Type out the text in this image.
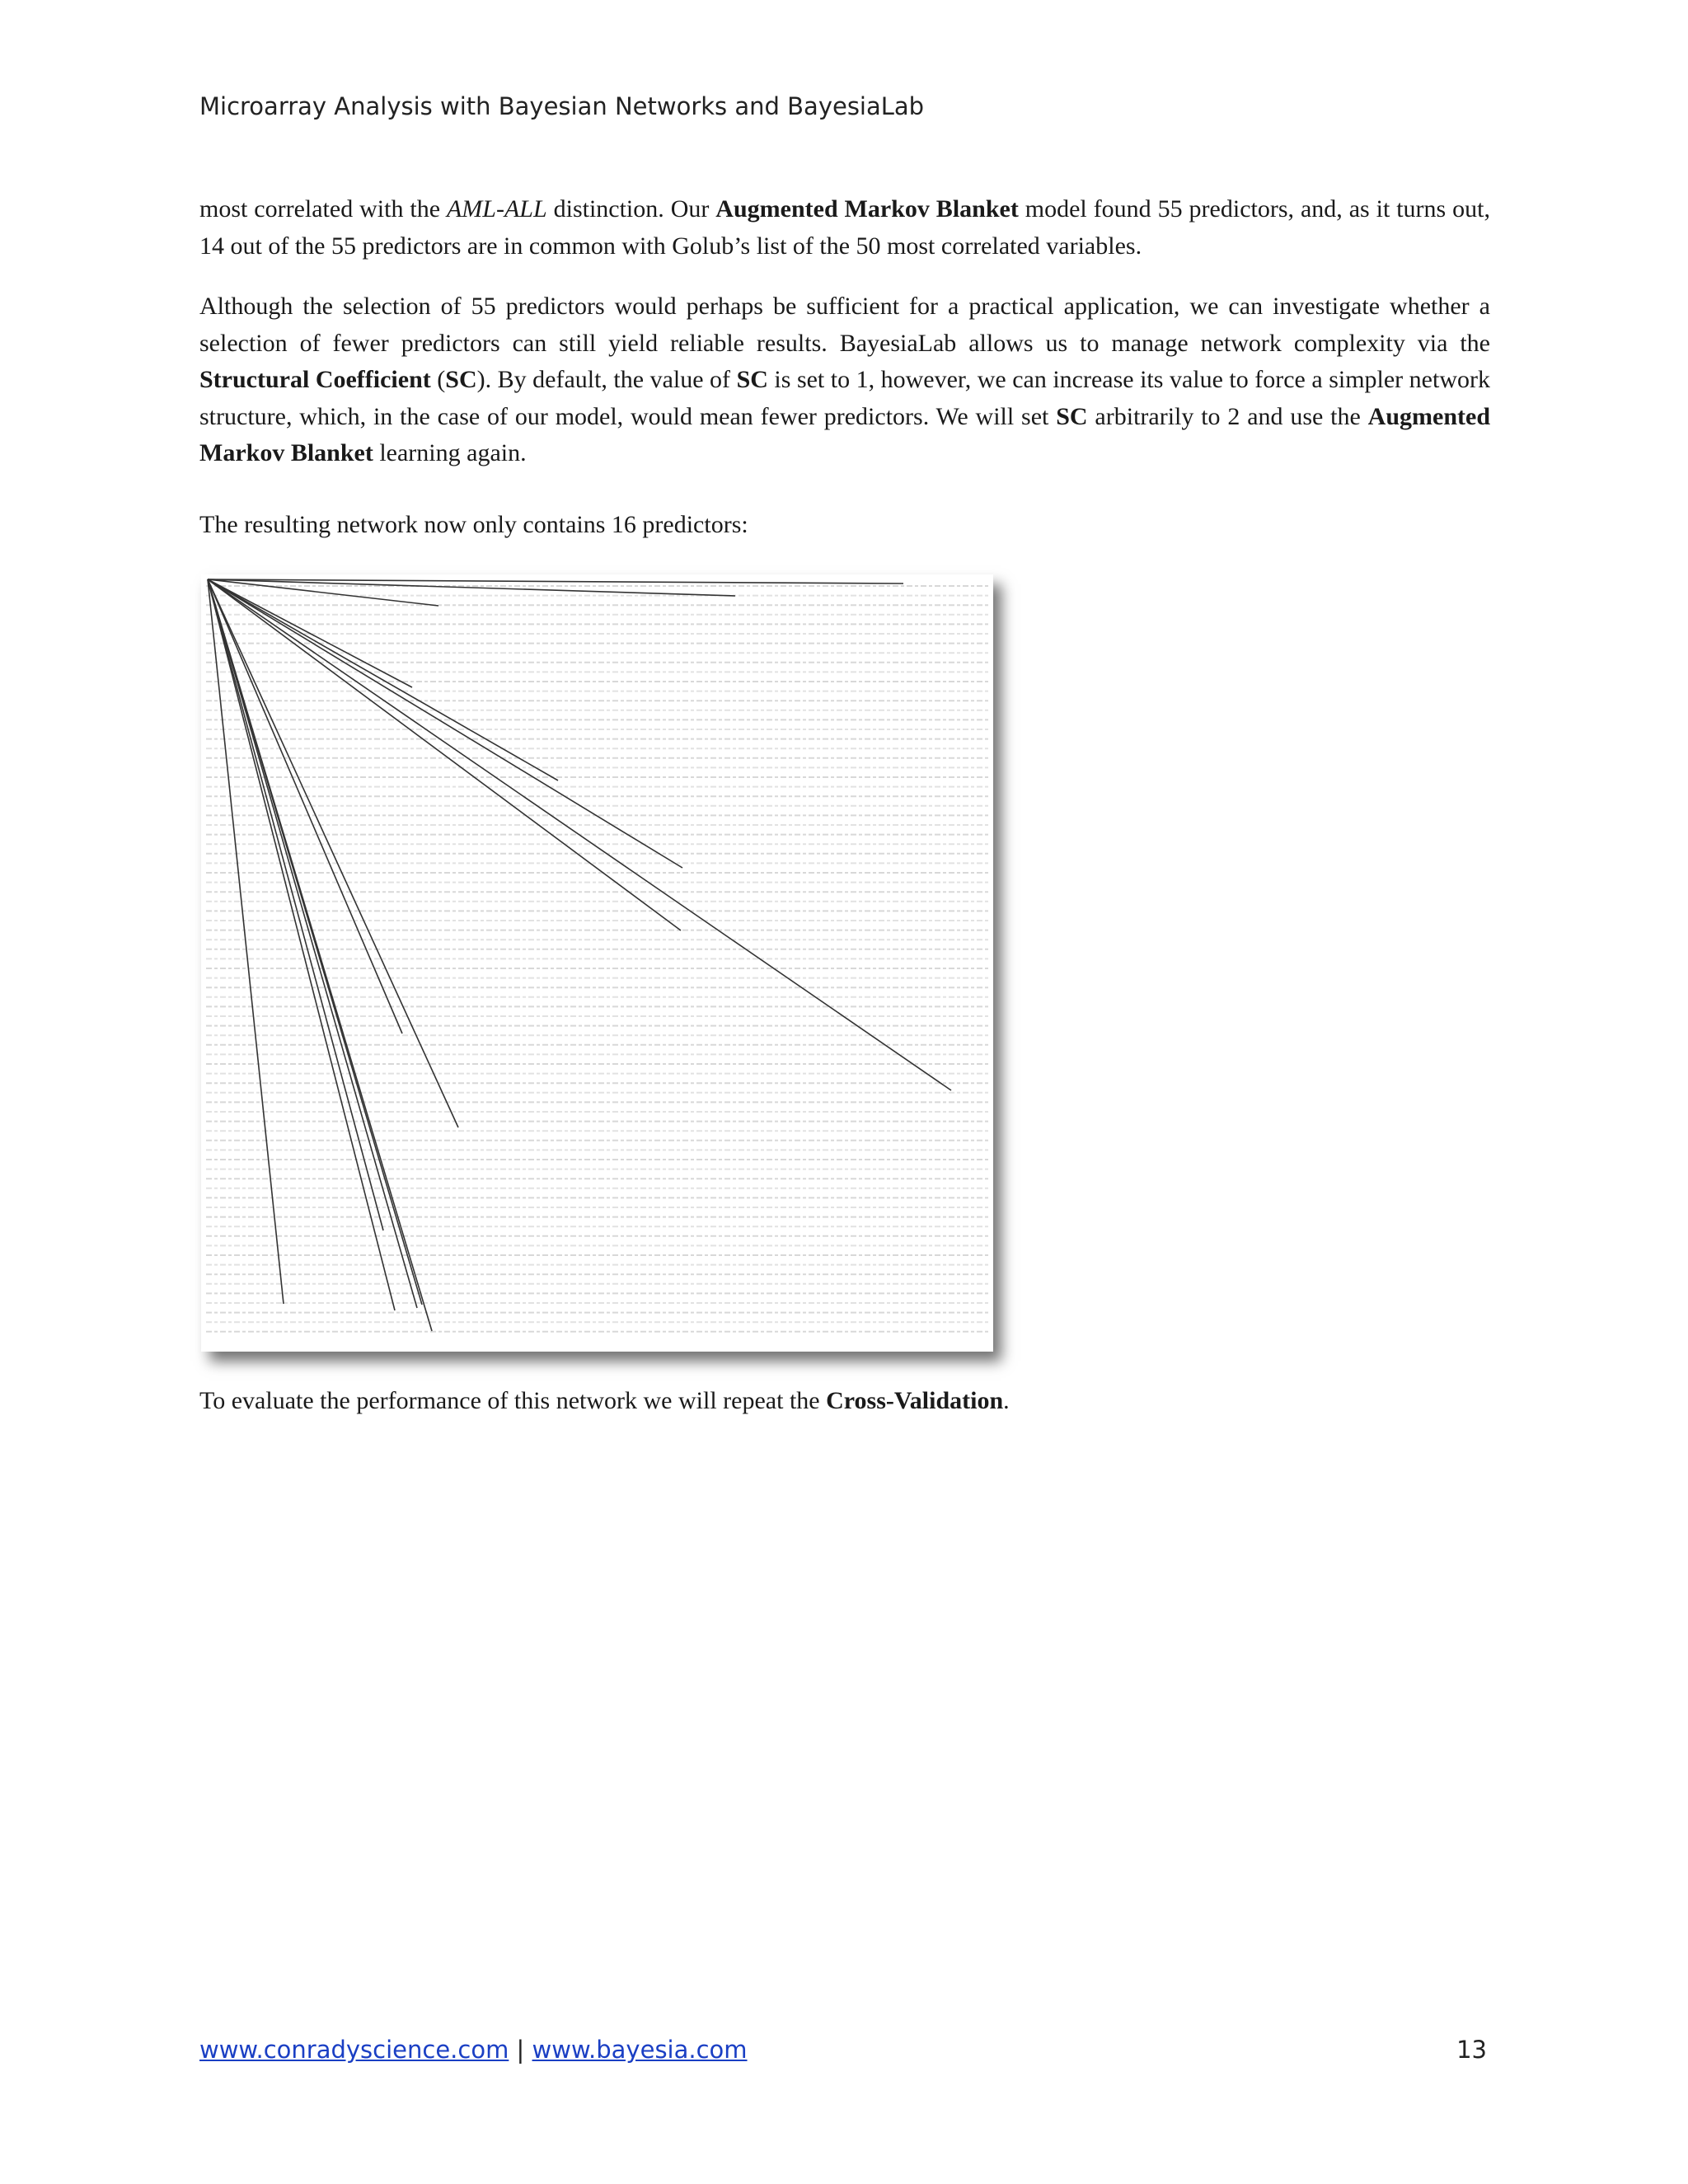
Microarray Analysis with Bayesian Networks and BayesiaLab

most correlated with the AML-ALL distinction. Our Augmented Markov Blanket model found 55 predictors, and, as it turns out, 14 out of the 55 predictors are in common with Golub’s list of the 50 most correlated variables.

Although the selection of 55 predictors would perhaps be sufficient for a practical application, we can investigate whether a selection of fewer predictors can still yield reliable results. BayesiaLab allows us to manage network complexity via the Structural Coefficient (SC). By default, the value of SC is set to 1, however, we can increase its value to force a simpler network structure, which, in the case of our model, would mean fewer predictors. We will set SC arbitrarily to 2 and use the Augmented Markov Blanket learning again.

The resulting network now only contains 16 predictors:

To evaluate the performance of this network we will repeat the Cross-Validation.

www.conradyscience.com | www.bayesia.com	13
